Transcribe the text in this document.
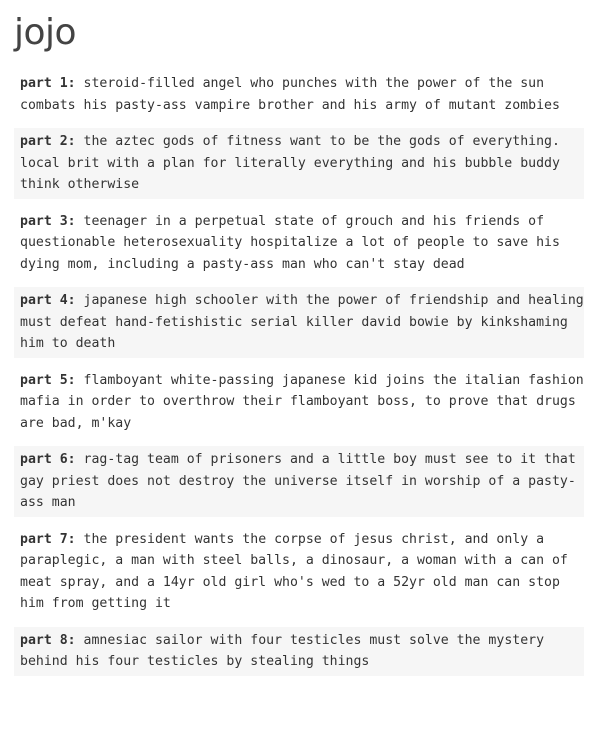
jojo
part 1: steroid-filled angel who punches with the power of the sun combats his pasty-ass vampire brother and his army of mutant zombies
part 2: the aztec gods of fitness want to be the gods of everything. local brit with a plan for literally everything and his bubble buddy think otherwise
part 3: teenager in a perpetual state of grouch and his friends of questionable heterosexuality hospitalize a lot of people to save his dying mom, including a pasty-ass man who can't stay dead
part 4: japanese high schooler with the power of friendship and healing must defeat hand-fetishistic serial killer david bowie by kinkshaming him to death
part 5: flamboyant white-passing japanese kid joins the italian fashion mafia in order to overthrow their flamboyant boss, to prove that drugs are bad, m'kay
part 6: rag-tag team of prisoners and a little boy must see to it that gay priest does not destroy the universe itself in worship of a pasty-ass man
part 7: the president wants the corpse of jesus christ, and only a paraplegic, a man with steel balls, a dinosaur, a woman with a can of meat spray, and a 14yr old girl who's wed to a 52yr old man can stop him from getting it
part 8: amnesiac sailor with four testicles must solve the mystery behind his four testicles by stealing things
